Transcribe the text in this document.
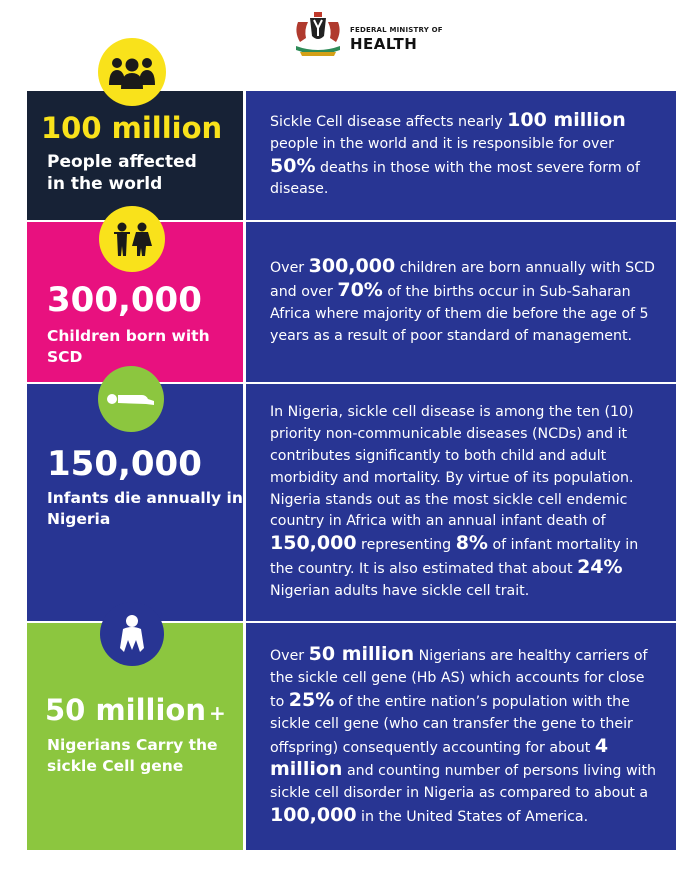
FEDERAL MINISTRY OF
HEALTH
100 million
People affected in the world

Sickle Cell disease affects nearly 100 million people in the world and it is responsible for over 50% deaths in those with the most severe form of disease.

300,000
Children born with SCD

Over 300,000 children are born annually with SCD and over 70% of the births occur in Sub-Saharan Africa where majority of them die before the age of 5 years as a result of poor standard of management.

150,000
Infants die annually in Nigeria

In Nigeria, sickle cell disease is among the ten (10) priority non-communicable diseases (NCDs) and it contributes significantly to both child and adult morbidity and mortality. By virtue of its population. Nigeria stands out as the most sickle cell endemic country in Africa with an annual infant death of 150,000 representing 8% of infant mortality in the country. It is also estimated that about 24% Nigerian adults have sickle cell trait.

50 million +
Nigerians Carry the sickle Cell gene

Over 50 million Nigerians are healthy carriers of the sickle cell gene (Hb AS) which accounts for close to 25% of the entire nation’s population with the sickle cell gene (who can transfer the gene to their offspring) consequently accounting for about 4 million and counting number of persons living with sickle cell disorder in Nigeria as compared to about a 100,000 in the United States of America.
